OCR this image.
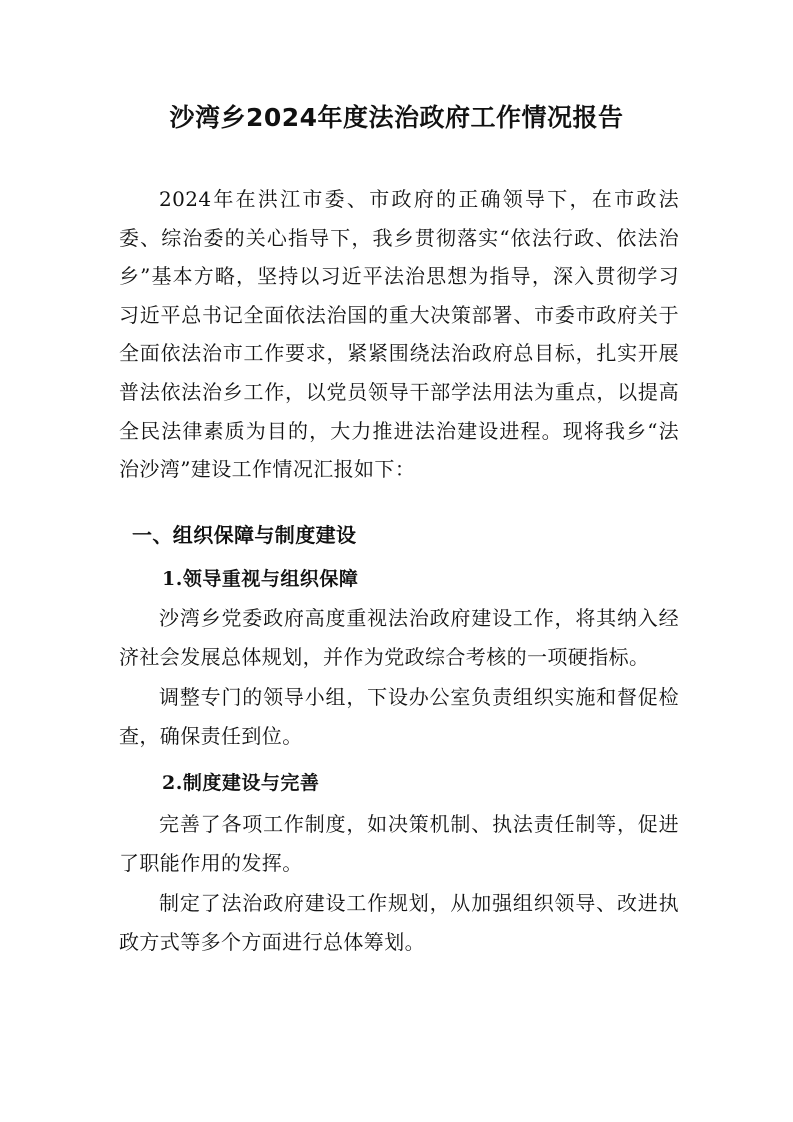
沙湾乡2024年度法治政府工作情况报告
2024年在洪江市委、市政府的正确领导下，在市政法委、综治委的关心指导下，我乡贯彻落实“依法行政、依法治乡”基本方略，坚持以习近平法治思想为指导，深入贯彻学习习近平总书记全面依法治国的重大决策部署、市委市政府关于全面依法治市工作要求，紧紧围绕法治政府总目标，扎实开展普法依法治乡工作，以党员领导干部学法用法为重点，以提高全民法律素质为目的，大力推进法治建设进程。现将我乡“法治沙湾”建设工作情况汇报如下：
一、组织保障与制度建设
1.领导重视与组织保障
沙湾乡党委政府高度重视法治政府建设工作，将其纳入经济社会发展总体规划，并作为党政综合考核的一项硬指标。
调整专门的领导小组，下设办公室负责组织实施和督促检查，确保责任到位。
2.制度建设与完善
完善了各项工作制度，如决策机制、执法责任制等，促进了职能作用的发挥。
制定了法治政府建设工作规划，从加强组织领导、改进执政方式等多个方面进行总体筹划。
